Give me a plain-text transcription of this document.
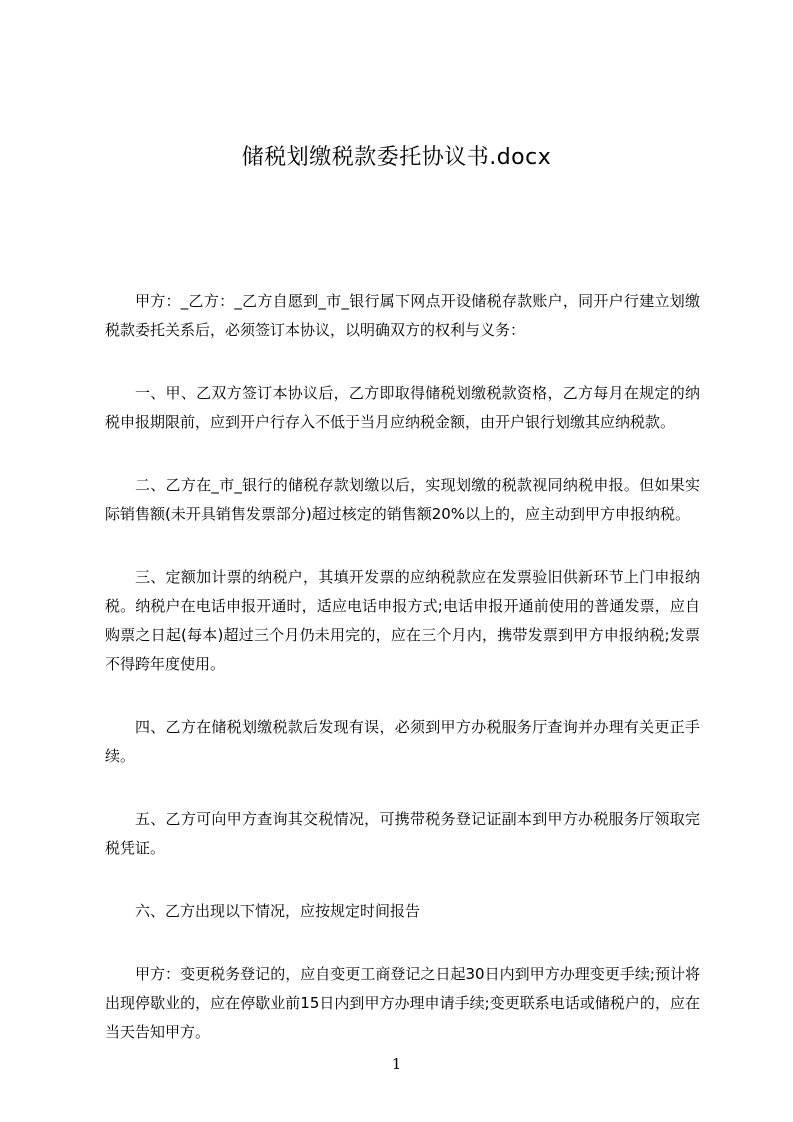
储税划缴税款委托协议书.docx

甲方：_乙方：_乙方自愿到_市_银行属下网点开设储税存款账户，同开户行建立划缴税款委托关系后，必须签订本协议，以明确双方的权利与义务：

一、甲、乙双方签订本协议后，乙方即取得储税划缴税款资格，乙方每月在规定的纳税申报期限前，应到开户行存入不低于当月应纳税金额，由开户银行划缴其应纳税款。

二、乙方在_市_银行的储税存款划缴以后，实现划缴的税款视同纳税申报。但如果实际销售额(未开具销售发票部分)超过核定的销售额20%以上的，应主动到甲方申报纳税。

三、定额加计票的纳税户，其填开发票的应纳税款应在发票验旧供新环节上门申报纳税。纳税户在电话申报开通时，适应电话申报方式;电话申报开通前使用的普通发票，应自购票之日起(每本)超过三个月仍未用完的，应在三个月内，携带发票到甲方申报纳税;发票不得跨年度使用。

四、乙方在储税划缴税款后发现有误，必须到甲方办税服务厅查询并办理有关更正手续。

五、乙方可向甲方查询其交税情况，可携带税务登记证副本到甲方办税服务厅领取完税凭证。

六、乙方出现以下情况，应按规定时间报告

甲方：变更税务登记的，应自变更工商登记之日起30日内到甲方办理变更手续;预计将出现停歇业的，应在停歇业前15日内到甲方办理申请手续;变更联系电话或储税户的，应在当天告知甲方。

1
